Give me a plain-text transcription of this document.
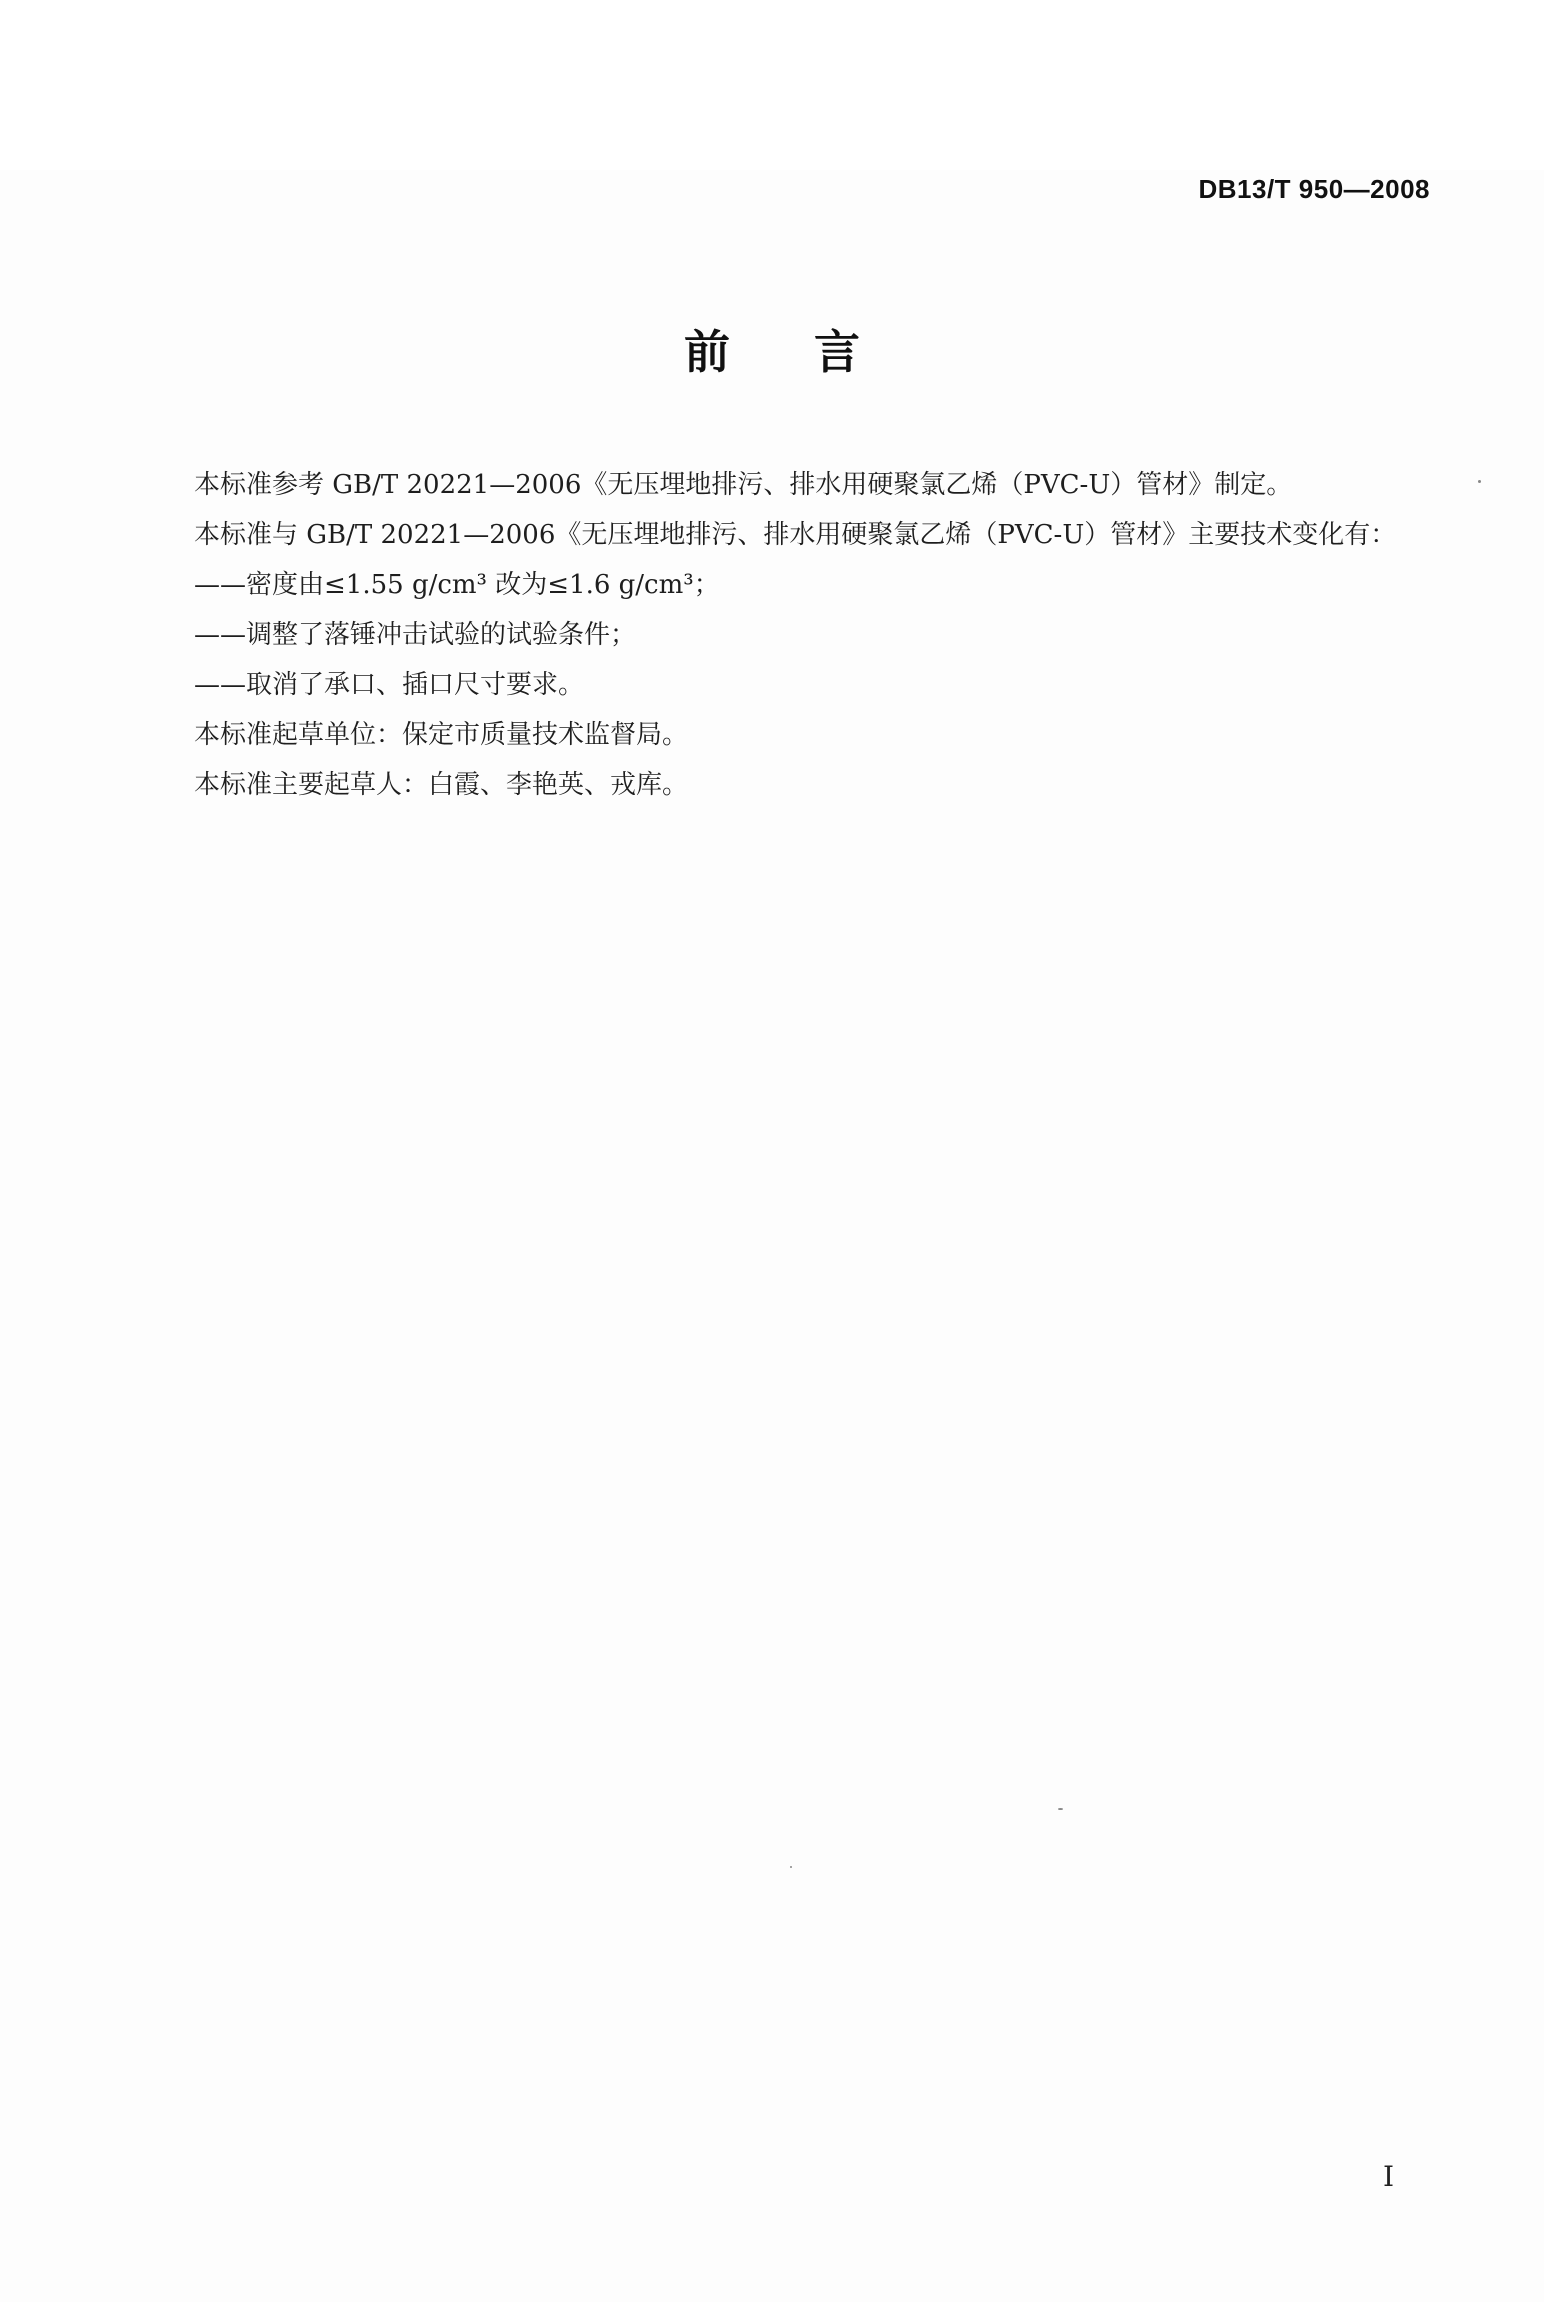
DB13/T 950—2008
前 言

本标准参考 GB/T 20221—2006《无压埋地排污、排水用硬聚氯乙烯（PVC-U）管材》制定。

本标准与 GB/T 20221—2006《无压埋地排污、排水用硬聚氯乙烯（PVC-U）管材》主要技术变化有：

——密度由≤1.55 g/cm³ 改为≤1.6 g/cm³；

——调整了落锤冲击试验的试验条件；

——取消了承口、插口尺寸要求。

本标准起草单位：保定市质量技术监督局。

本标准主要起草人：白霞、李艳英、戎库。

I
